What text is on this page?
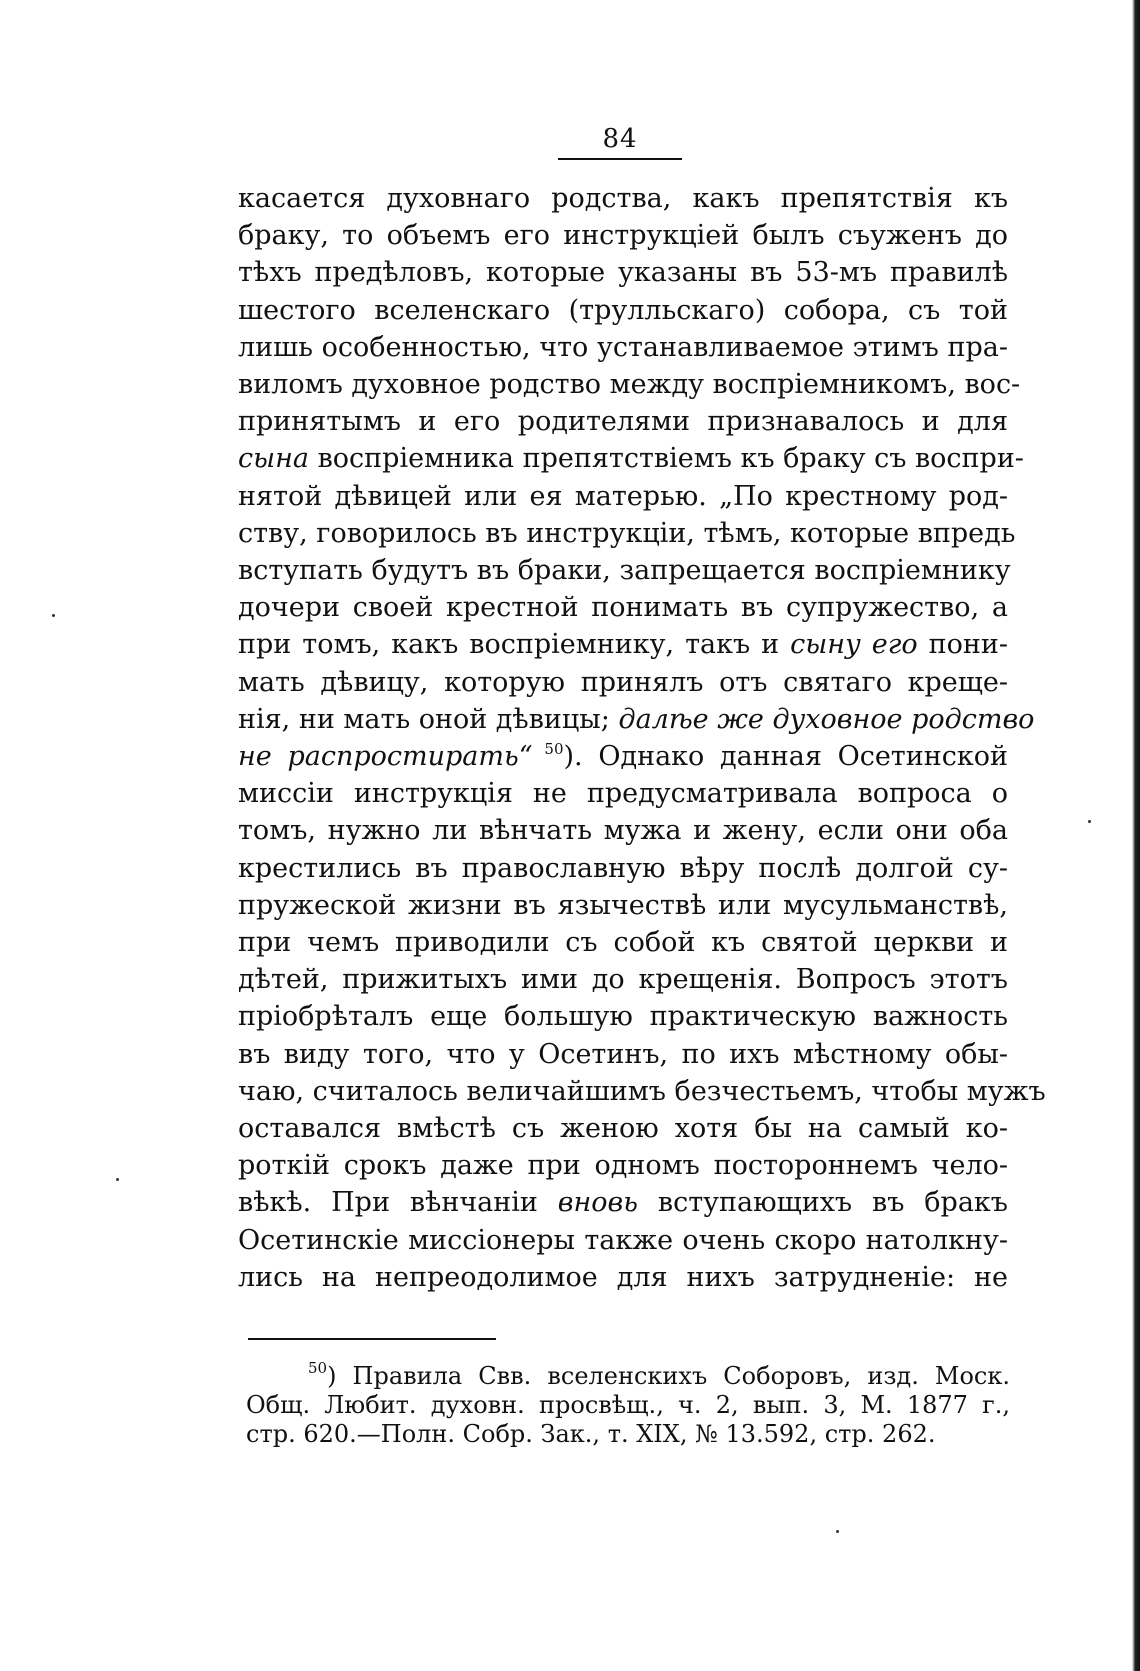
84
касается духовнаго родства, какъ препятствія къ
браку, то объемъ его инструкціей былъ съуженъ до
тѣхъ предѣловъ, которые указаны въ 53-мъ правилѣ
шестого вселенскаго (трулльскаго) собора, съ той
лишь особенностью, что устанавливаемое этимъ пра-
виломъ духовное родство между воспріемникомъ, вос-
принятымъ и его родителями признавалось и для
сына воспріемника препятствіемъ къ браку съ воспри-
нятой дѣвицей или ея матерью. „По крестному род-
ству, говорилось въ инструкціи, тѣмъ, которые впредь
вступать будутъ въ браки, запрещается воспріемнику
дочери своей крестной понимать въ супружество, а
при томъ, какъ воспріемнику, такъ и сыну его пони-
мать дѣвицу, которую принялъ отъ святаго креще-
нія, ни мать оной дѣвицы; далѣе же духовное родство
не распростирать“ $^{50}$). Однако данная Осетинской
миссіи инструкція не предусматривала вопроса о
томъ, нужно ли вѣнчать мужа и жену, если они оба
крестились въ православную вѣру послѣ долгой су-
пружеской жизни въ язычествѣ или мусульманствѣ,
при чемъ приводили съ собой къ святой церкви и
дѣтей, прижитыхъ ими до крещенія. Вопросъ этотъ
пріобрѣталъ еще большую практическую важность
въ виду того, что у Осетинъ, по ихъ мѣстному обы-
чаю, считалось величайшимъ безчестьемъ, чтобы мужъ
оставался вмѣстѣ съ женою хотя бы на самый ко-
роткій срокъ даже при одномъ постороннемъ чело-
вѣкѣ. При вѣнчаніи вновь вступающихъ въ бракъ
Осетинскіе миссіонеры также очень скоро натолкну-
лись на непреодолимое для нихъ затрудненіе: не
$^{50}$) Правила Свв. вселенскихъ Соборовъ, изд. Моск.
Общ. Любит. духовн. просвѣщ., ч. 2, вып. 3, М. 1877 г.,
стр. 620.—Полн. Собр. Зак., т. XIX, № 13.592, стр. 262.
